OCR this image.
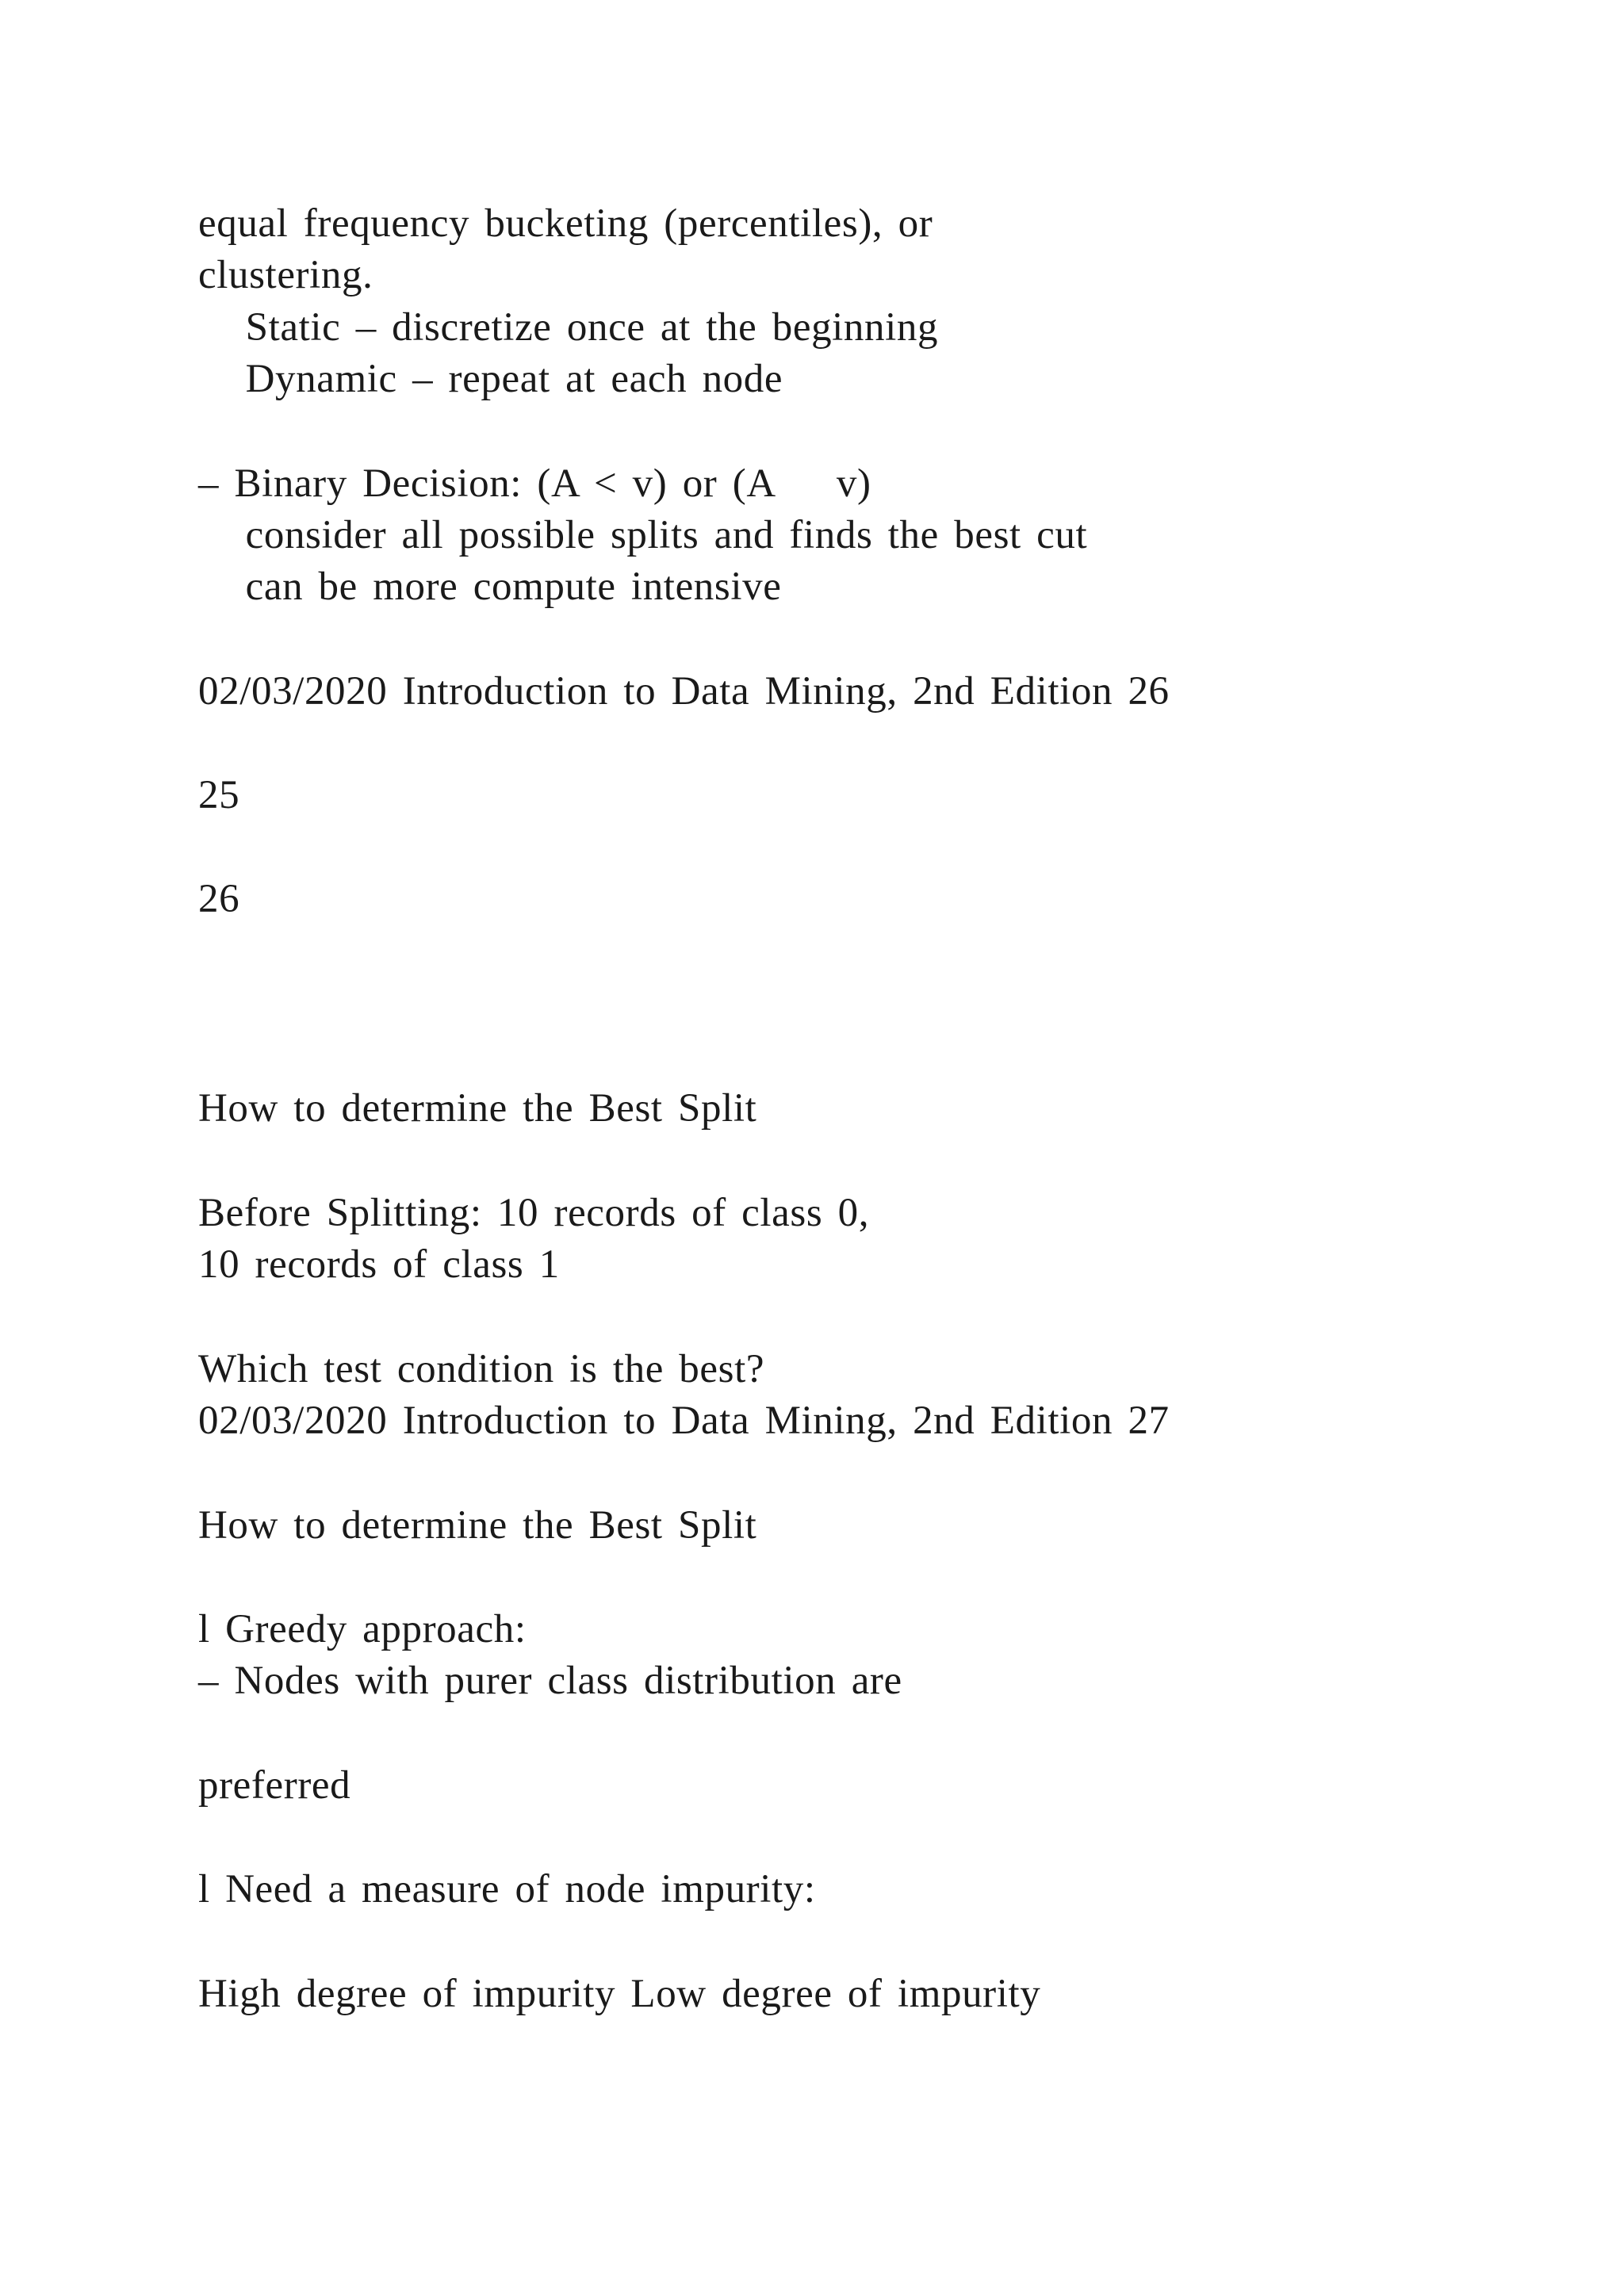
equal frequency bucketing (percentiles), or
clustering.
Static – discretize once at the beginning
Dynamic – repeat at each node
– Binary Decision: (A < v) or (A   v)
consider all possible splits and finds the best cut
can be more compute intensive
02/03/2020 Introduction to Data Mining, 2nd Edition 26
25
26
How to determine the Best Split
Before Splitting: 10 records of class 0,
10 records of class 1
Which test condition is the best?
02/03/2020 Introduction to Data Mining, 2nd Edition 27
How to determine the Best Split
l Greedy approach:
– Nodes with purer class distribution are
preferred
l Need a measure of node impurity:
High degree of impurity Low degree of impurity
